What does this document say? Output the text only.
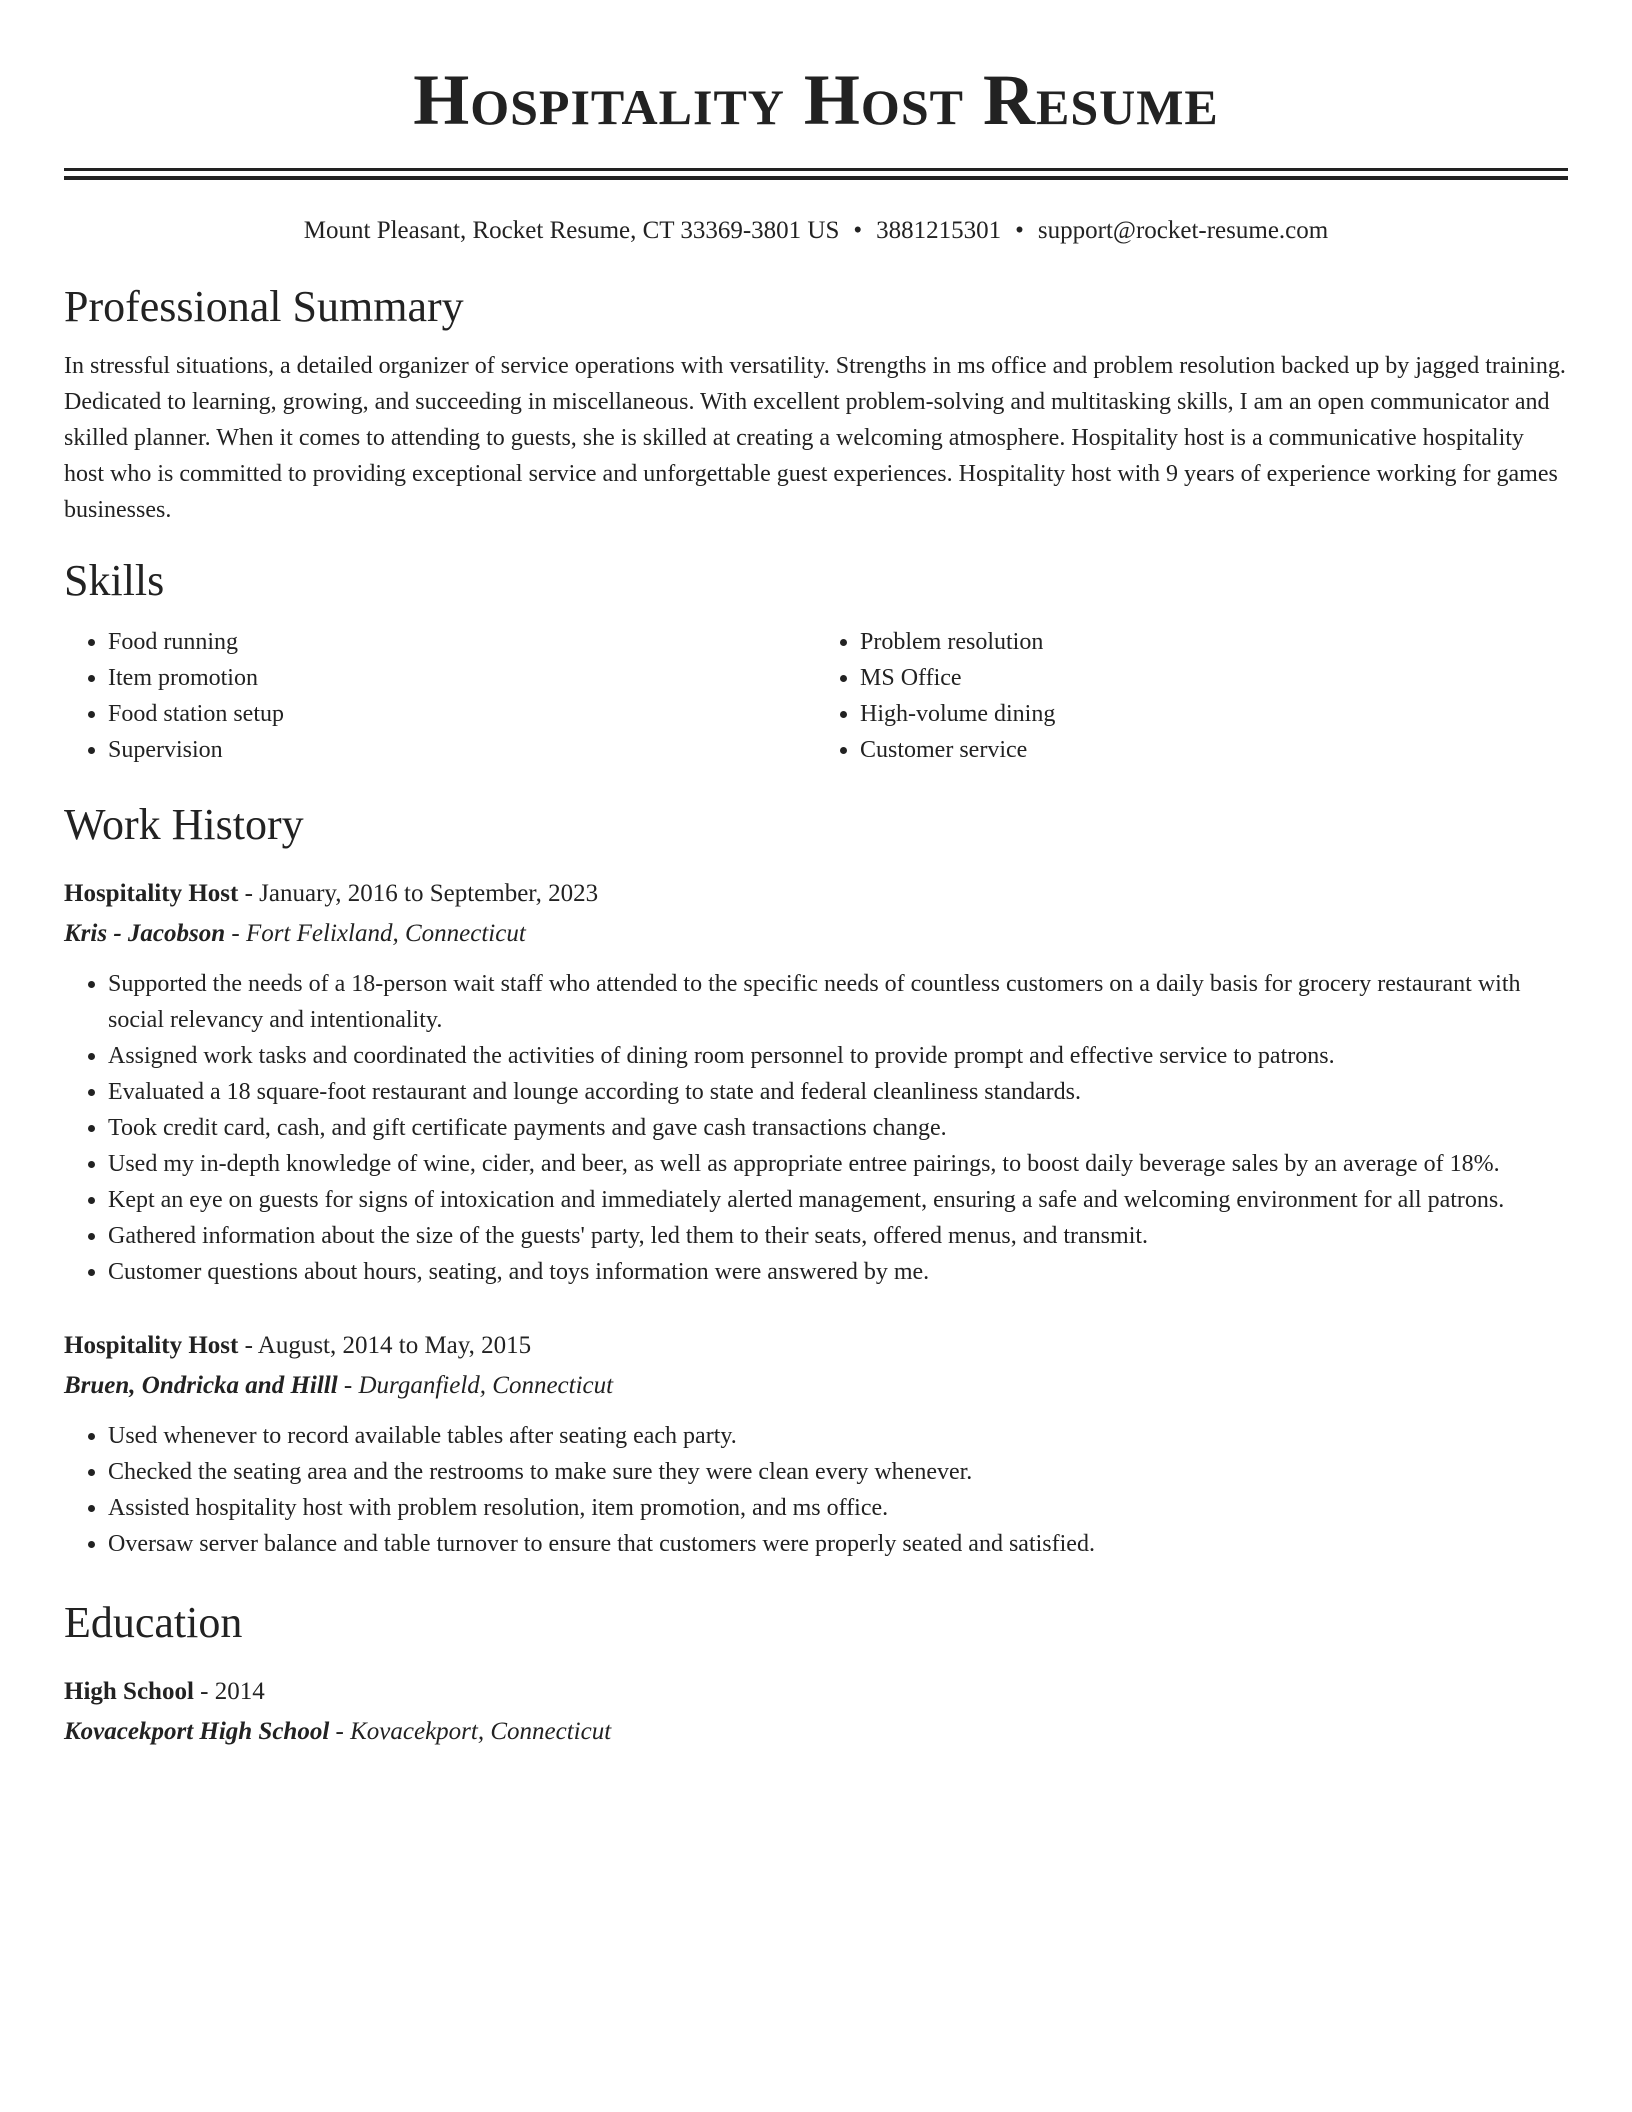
Hospitality Host Resume
Mount Pleasant, Rocket Resume, CT 33369-3801 US • 3881215301 • support@rocket-resume.com
Professional Summary

In stressful situations, a detailed organizer of service operations with versatility. Strengths in ms office and problem resolution backed up by jagged training. Dedicated to learning, growing, and succeeding in miscellaneous. With excellent problem-solving and multitasking skills, I am an open communicator and skilled planner. When it comes to attending to guests, she is skilled at creating a welcoming atmosphere. Hospitality host is a communicative hospitality host who is committed to providing exceptional service and unforgettable guest experiences. Hospitality host with 9 years of experience working for games businesses.

Skills
• Food running
• Item promotion
• Food station setup
• Supervision
• Problem resolution
• MS Office
• High-volume dining
• Customer service
Work History
Hospitality Host - January, 2016 to September, 2023
Kris - Jacobson - Fort Felixland, Connecticut
• Supported the needs of a 18-person wait staff who attended to the specific needs of countless customers on a daily basis for grocery restaurant with social relevancy and intentionality.
• Assigned work tasks and coordinated the activities of dining room personnel to provide prompt and effective service to patrons.
• Evaluated a 18 square-foot restaurant and lounge according to state and federal cleanliness standards.
• Took credit card, cash, and gift certificate payments and gave cash transactions change.
• Used my in-depth knowledge of wine, cider, and beer, as well as appropriate entree pairings, to boost daily beverage sales by an average of 18%.
• Kept an eye on guests for signs of intoxication and immediately alerted management, ensuring a safe and welcoming environment for all patrons.
• Gathered information about the size of the guests' party, led them to their seats, offered menus, and transmit.
• Customer questions about hours, seating, and toys information were answered by me.
Hospitality Host - August, 2014 to May, 2015
Bruen, Ondricka and Hilll - Durganfield, Connecticut
• Used whenever to record available tables after seating each party.
• Checked the seating area and the restrooms to make sure they were clean every whenever.
• Assisted hospitality host with problem resolution, item promotion, and ms office.
• Oversaw server balance and table turnover to ensure that customers were properly seated and satisfied.
Education
High School - 2014
Kovacekport High School - Kovacekport, Connecticut
